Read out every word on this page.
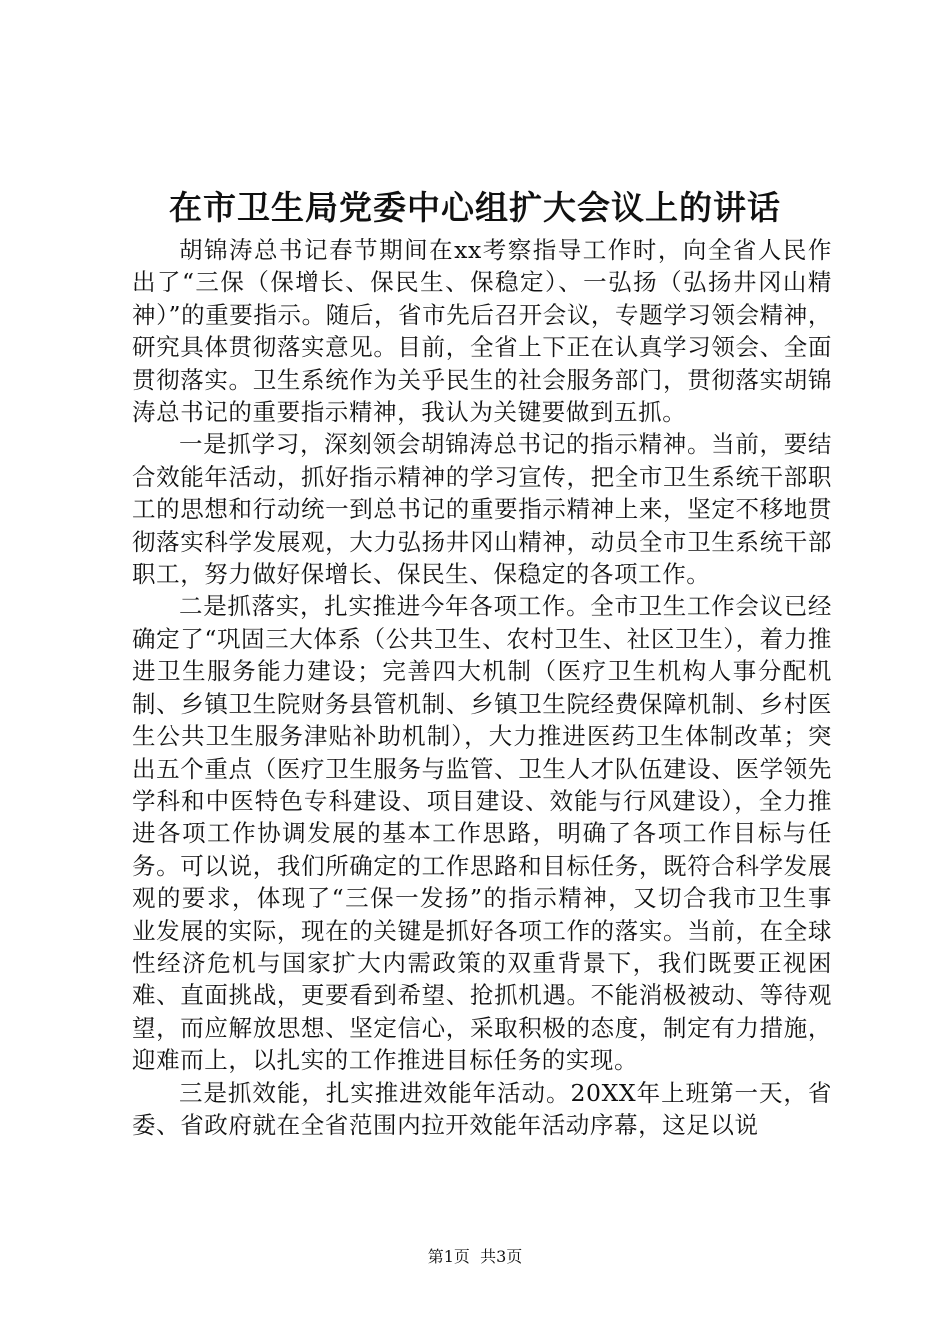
在市卫生局党委中心组扩大会议上的讲话

胡锦涛总书记春节期间在xx考察指导工作时，向全省人民作出了“三保（保增长、保民生、保稳定）、一弘扬（弘扬井冈山精神）”的重要指示。随后，省市先后召开会议，专题学习领会精神，研究具体贯彻落实意见。目前，全省上下正在认真学习领会、全面贯彻落实。卫生系统作为关乎民生的社会服务部门，贯彻落实胡锦涛总书记的重要指示精神，我认为关键要做到五抓。

一是抓学习，深刻领会胡锦涛总书记的指示精神。当前，要结合效能年活动，抓好指示精神的学习宣传，把全市卫生系统干部职工的思想和行动统一到总书记的重要指示精神上来，坚定不移地贯彻落实科学发展观，大力弘扬井冈山精神，动员全市卫生系统干部职工，努力做好保增长、保民生、保稳定的各项工作。

二是抓落实，扎实推进今年各项工作。全市卫生工作会议已经确定了“巩固三大体系（公共卫生、农村卫生、社区卫生），着力推进卫生服务能力建设；完善四大机制（医疗卫生机构人事分配机制、乡镇卫生院财务县管机制、乡镇卫生院经费保障机制、乡村医生公共卫生服务津贴补助机制），大力推进医药卫生体制改革；突出五个重点（医疗卫生服务与监管、卫生人才队伍建设、医学领先学科和中医特色专科建设、项目建设、效能与行风建设），全力推进各项工作协调发展的基本工作思路，明确了各项工作目标与任务。可以说，我们所确定的工作思路和目标任务，既符合科学发展观的要求，体现了“三保一发扬”的指示精神，又切合我市卫生事业发展的实际，现在的关键是抓好各项工作的落实。当前，在全球性经济危机与国家扩大内需政策的双重背景下，我们既要正视困难、直面挑战，更要看到希望、抢抓机遇。不能消极被动、等待观望，而应解放思想、坚定信心，采取积极的态度，制定有力措施，迎难而上，以扎实的工作推进目标任务的实现。

三是抓效能，扎实推进效能年活动。20XX年上班第一天，省委、省政府就在全省范围内拉开效能年活动序幕，这足以说

第1页 共3页
